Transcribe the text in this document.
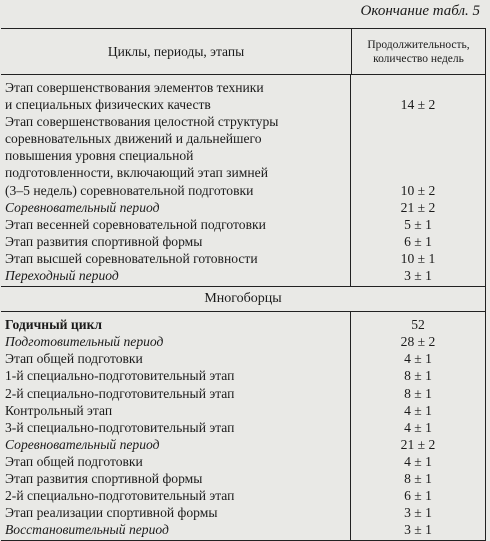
Окончание табл. 5
Циклы, периоды, этапы	Продолжительность,
количество недель
Этап совершенствования элементов техники
и специальных физических качеств
Этап совершенствования целостной структуры
соревновательных движений и дальнейшего
повышения уровня специальной
подготовленности, включающий этап зимней
(3–5 недель) соревновательной подготовки
Соревновательный период
Этап весенней соревновательной подготовки
Этап развития спортивной формы
Этап высшей соревновательной готовности
Переходный период
14 ± 2
10 ± 2
21 ± 2
5 ± 1
6 ± 1
10 ± 1
3 ± 1
Многоборцы
Годичный цикл
Подготовительный период
Этап общей подготовки
1-й специально-подготовительный этап
2-й специально-подготовительный этап
Контрольный этап
3-й специально-подготовительный этап
Соревновательный период
Этап общей подготовки
Этап развития спортивной формы
2-й специально-подготовительный этап
Этап реализации спортивной формы
Восстановительный период
52
28 ± 2
4 ± 1
8 ± 1
8 ± 1
4 ± 1
4 ± 1
21 ± 2
4 ± 1
8 ± 1
6 ± 1
3 ± 1
3 ± 1
